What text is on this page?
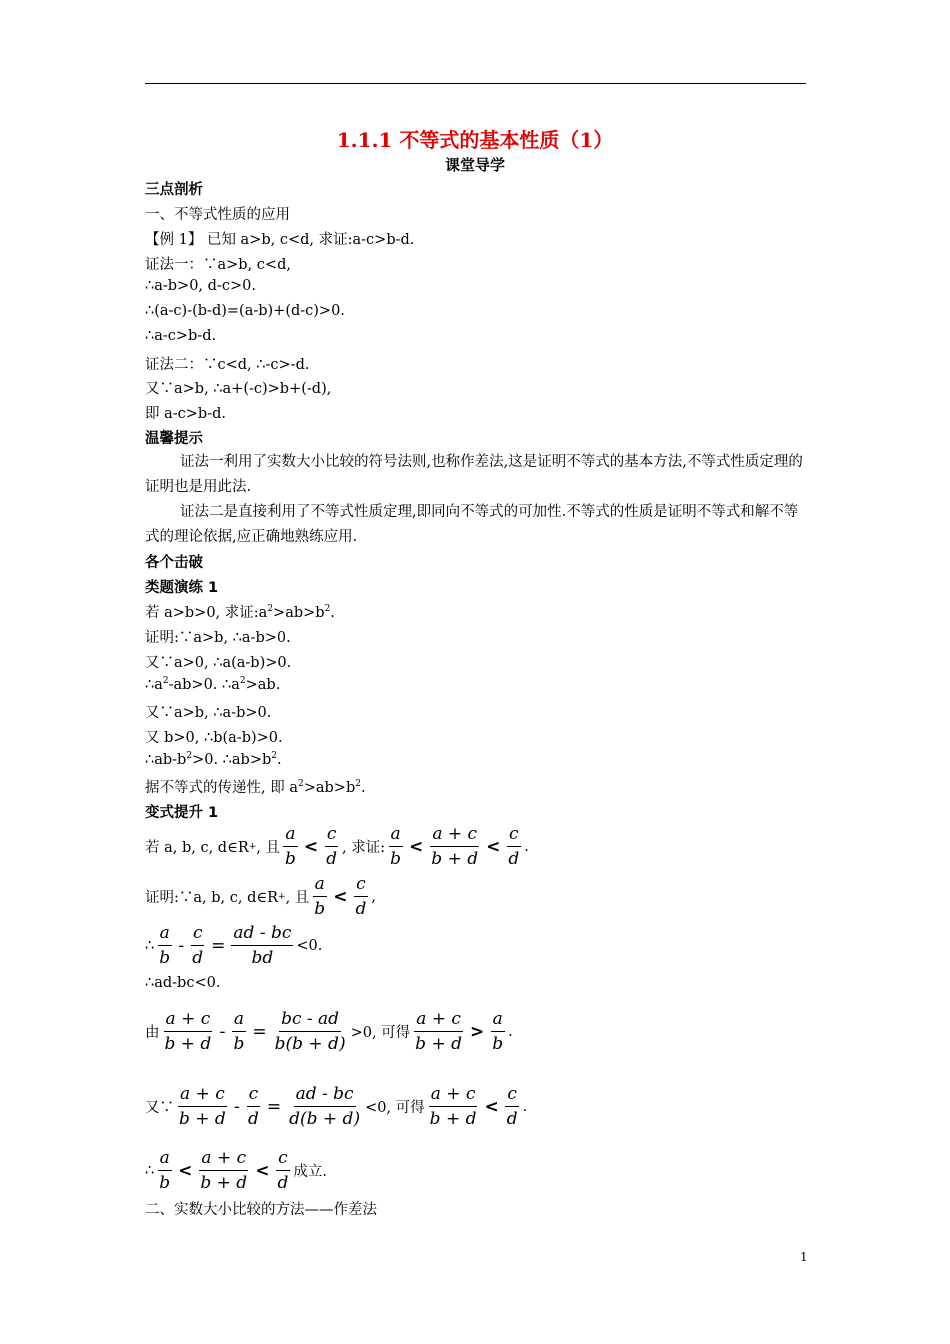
1.1.1 不等式的基本性质（1）
课堂导学
三点剖析
一、不等式性质的应用
【例 1】 已知 a>b, c<d, 求证:a-c>b-d.
证法一：∵a>b, c<d,
∴a-b>0, d-c>0.
∴(a-c)-(b-d)=(a-b)+(d-c)>0.
∴a-c>b-d.
证法二：∵c<d, ∴-c>-d.
又∵a>b, ∴a+(-c)>b+(-d),
即 a-c>b-d.
温馨提示
证法一利用了实数大小比较的符号法则,也称作差法,这是证明不等式的基本方法,不等式性质定理的证明也是用此法.
证法二是直接利用了不等式性质定理,即同向不等式的可加性.不等式的性质是证明不等式和解不等式的理论依据,应正确地熟练应用.
各个击破
类题演练 1
若 a>b>0, 求证$:a^2>ab>b^2$.
证明:∵a>b, ∴a-b>0.
又∵a>0, ∴a(a-b)>0.
$\therefore a^2-ab>0$. $\therefore a^2>ab$.
又∵a>b, ∴a-b>0.
又 b>0, ∴b(a-b)>0.
$\therefore ab-b^2>0$. $\therefore ab>b^2$.
据不等式的传递性, 即 $a^2>ab>b^2$.
变式提升 1
若 a, b, c, d∈R + , 且 $\frac{a}{b} < \frac{c}{d}$ , 求证: $\frac{a}{b} < \frac{a + c}{b + d} < \frac{c}{d}$ .
证明:∵a, b, c, d∈R + , 且 $\frac{a}{b} < \frac{c}{d}$ ,
∴ $\frac{a}{b} - \frac{c}{d} = \frac{ad - bc}{bd} <0$.
∴ad-bc<0.
由 $\frac{a + c}{b + d} - \frac{a}{b} = \frac{bc - ad}{b(b + d)} >0$, 可得 $\frac{a + c}{b + d} > \frac{a}{b}$ .
又∵ $\frac{a + c}{b + d} - \frac{c}{d} = \frac{ad - bc}{d(b + d)} <0$, 可得 $\frac{a + c}{b + d} < \frac{c}{d}$ .
∴ $\frac{a}{b} < \frac{a + c}{b + d} < \frac{c}{d}$ 成立.
二、实数大小比较的方法——作差法
1
